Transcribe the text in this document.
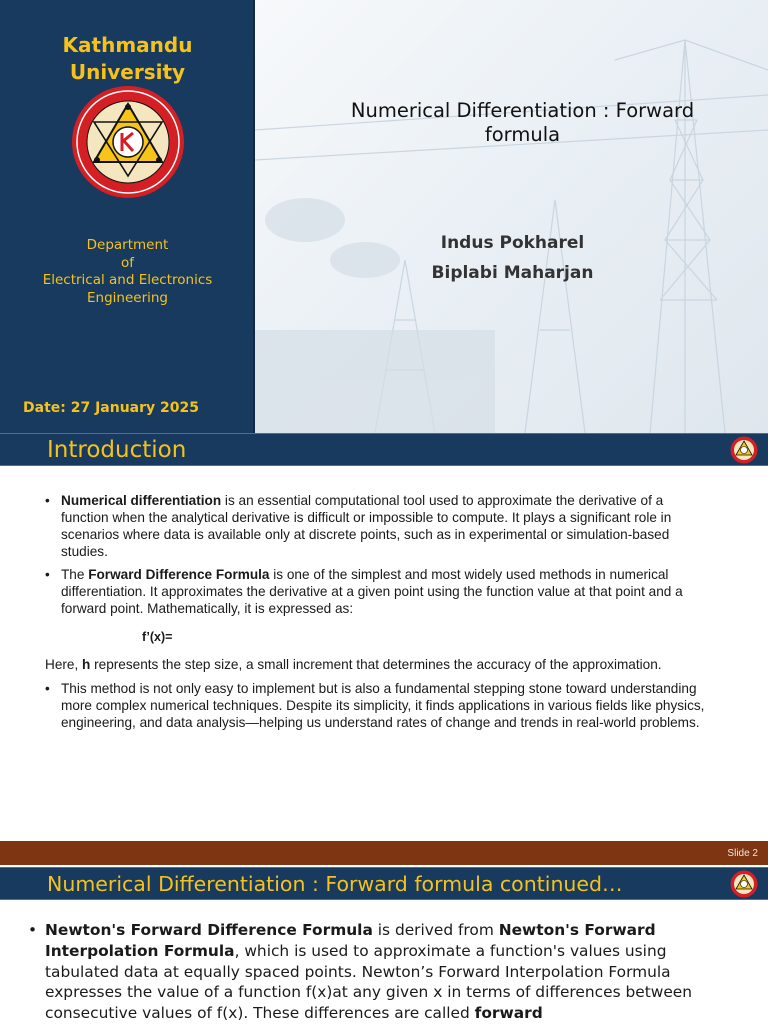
Kathmandu
University
Department
of
Electrical and Electronics
Engineering
Date: 27 January 2025
Numerical Differentiation : Forward
formula
Indus Pokharel
Biplabi Maharjan
Introduction
• Numerical differentiation is an essential computational tool used to approximate the derivative of a function when the analytical derivative is difficult or impossible to compute. It plays a significant role in scenarios where data is available only at discrete points, such as in experimental or simulation-based studies.
• The Forward Difference Formula is one of the simplest and most widely used methods in numerical differentiation. It approximates the derivative at a given point using the function value at that point and a forward point. Mathematically, it is expressed as:
f’(x)=
Here, h represents the step size, a small increment that determines the accuracy of the approximation.
• This method is not only easy to implement but is also a fundamental stepping stone toward understanding more complex numerical techniques. Despite its simplicity, it finds applications in various fields like physics, engineering, and data analysis—helping us understand rates of change and trends in real-world problems.
Slide 2
Numerical Differentiation : Forward formula continued…
• Newton's Forward Difference Formula is derived from Newton's Forward Interpolation Formula, which is used to approximate a function's values using tabulated data at equally spaced points. Newton’s Forward Interpolation Formula expresses the value of a function f(x)at any given x in terms of differences between consecutive values of f(x). These differences are called forward
